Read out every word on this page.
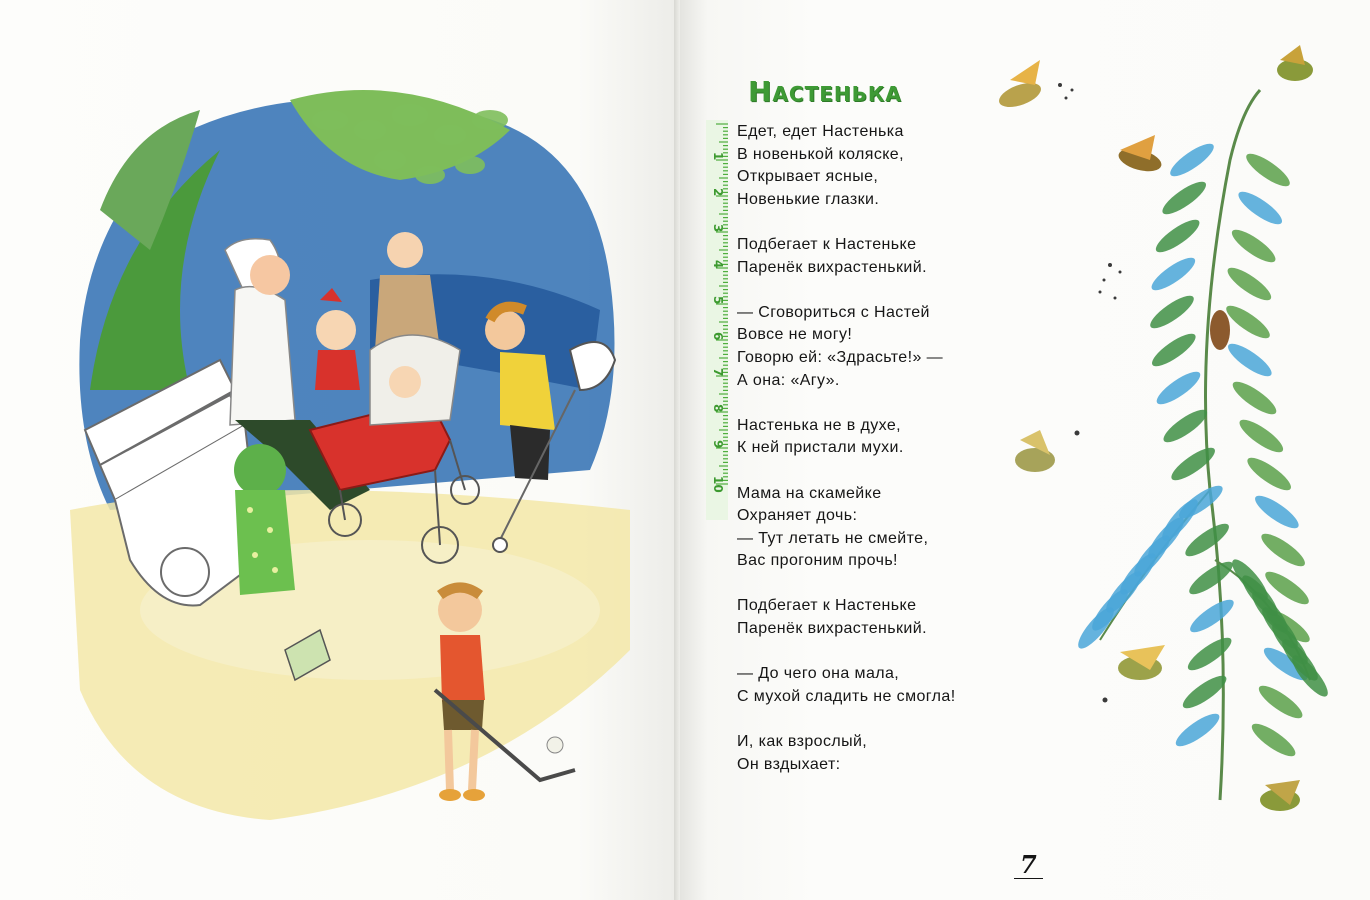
Настенька
1
2
3
4
5
6
7
8
9
10
Едет, едет Настенька
В новенькой коляске,
Открывает ясные,
Новенькие глазки.
Подбегает к Настеньке
Паренёк вихрастенький.
— Сговориться с Настей
Вовсе не могу!
Говорю ей: «Здрасьте!» —
А она: «Агу».
Настенька не в духе,
К ней пристали мухи.
Мама на скамейке
Охраняет дочь:
— Тут летать не смейте,
Вас прогоним прочь!
Подбегает к Настеньке
Паренёк вихрастенький.
— До чего она мала,
С мухой сладить не смогла!
И, как взрослый,
Он вздыхает:
7
